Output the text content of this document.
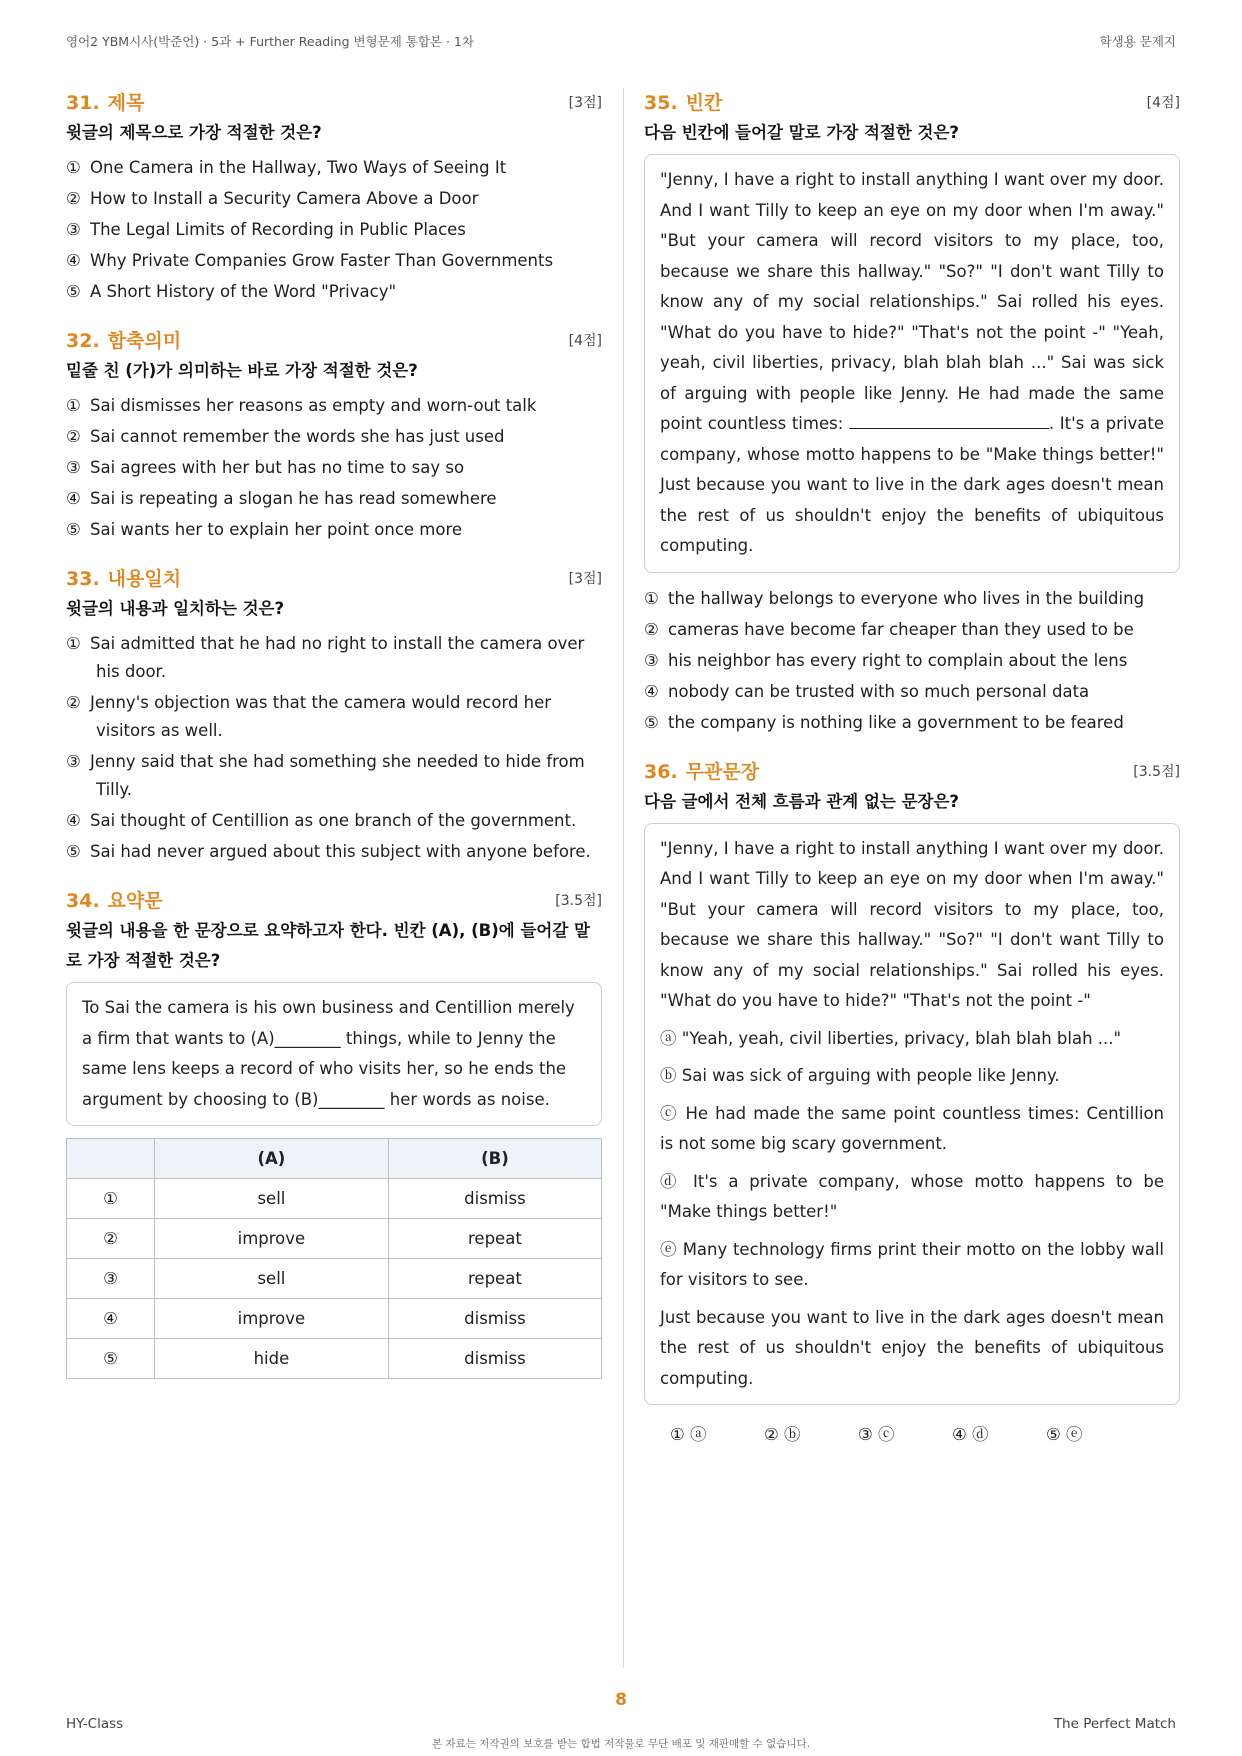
영어2 YBM시사(박준언) · 5과 + Further Reading 변형문제 통합본 · 1차	학생용 문제지
31. 제목	[3점]
윗글의 제목으로 가장 적절한 것은?
① One Camera in the Hallway, Two Ways of Seeing It
② How to Install a Security Camera Above a Door
③ The Legal Limits of Recording in Public Places
④ Why Private Companies Grow Faster Than Governments
⑤ A Short History of the Word "Privacy"
32. 함축의미	[4점]
밑줄 친 (가)가 의미하는 바로 가장 적절한 것은?
① Sai dismisses her reasons as empty and worn-out talk
② Sai cannot remember the words she has just used
③ Sai agrees with her but has no time to say so
④ Sai is repeating a slogan he has read somewhere
⑤ Sai wants her to explain her point once more
33. 내용일치	[3점]
윗글의 내용과 일치하는 것은?
① Sai admitted that he had no right to install the camera over his door.
② Jenny's objection was that the camera would record her visitors as well.
③ Jenny said that she had something she needed to hide from Tilly.
④ Sai thought of Centillion as one branch of the government.
⑤ Sai had never argued about this subject with anyone before.
34. 요약문	[3.5점]
윗글의 내용을 한 문장으로 요약하고자 한다. 빈칸 (A), (B)에 들어갈 말로 가장 적절한 것은?
To Sai the camera is his own business and Centillion merely a firm that wants to (A)________ things, while to Jenny the same lens keeps a record of who visits her, so he ends the argument by choosing to (B)________ her words as noise.
	(A)	(B)
①	sell	dismiss
②	improve	repeat
③	sell	repeat
④	improve	dismiss
⑤	hide	dismiss
35. 빈칸	[4점]
다음 빈칸에 들어갈 말로 가장 적절한 것은?
"Jenny, I have a right to install anything I want over my door. And I want Tilly to keep an eye on my door when I'm away." "But your camera will record visitors to my place, too, because we share this hallway." "So?" "I don't want Tilly to know any of my social relationships." Sai rolled his eyes. "What do you have to hide?" "That's not the point -" "Yeah, yeah, civil liberties, privacy, blah blah blah ..." Sai was sick of arguing with people like Jenny. He had made the same point countless times:	. It's a private company, whose motto happens to be "Make things better!" Just because you want to live in the dark ages doesn't mean the rest of us shouldn't enjoy the benefits of ubiquitous computing.
① the hallway belongs to everyone who lives in the building
② cameras have become far cheaper than they used to be
③ his neighbor has every right to complain about the lens
④ nobody can be trusted with so much personal data
⑤ the company is nothing like a government to be feared
36. 무관문장	[3.5점]
다음 글에서 전체 흐름과 관계 없는 문장은?

"Jenny, I have a right to install anything I want over my door. And I want Tilly to keep an eye on my door when I'm away." "But your camera will record visitors to my place, too, because we share this hallway." "So?" "I don't want Tilly to know any of my social relationships." Sai rolled his eyes. "What do you have to hide?" "That's not the point -"

ⓐ "Yeah, yeah, civil liberties, privacy, blah blah blah ..."

ⓑ Sai was sick of arguing with people like Jenny.

ⓒ He had made the same point countless times: Centillion is not some big scary government.

ⓓ It's a private company, whose motto happens to be "Make things better!"

ⓔ Many technology firms print their motto on the lobby wall for visitors to see.

Just because you want to live in the dark ages doesn't mean the rest of us shouldn't enjoy the benefits of ubiquitous computing.

① ⓐ	② ⓑ	③ ⓒ	④ ⓓ	⑤ ⓔ
HY-Class
8
The Perfect Match
본 자료는 저작권의 보호를 받는 합법 저작물로 무단 배포 및 재판매할 수 없습니다.
